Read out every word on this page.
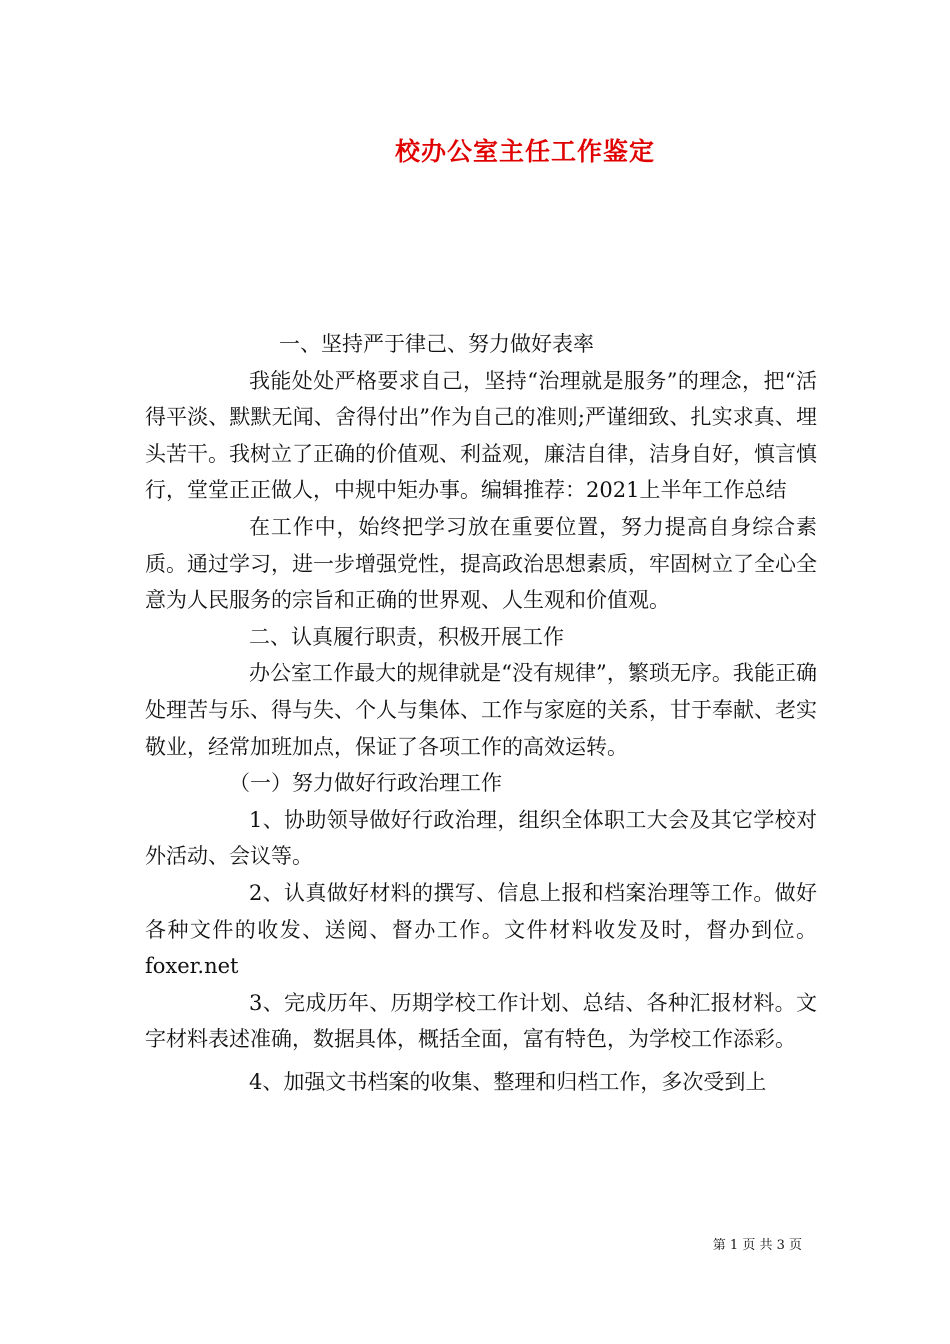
校办公室主任工作鉴定

一、坚持严于律己、努力做好表率

我能处处严格要求自己，坚持“治理就是服务”的理念，把“活得平淡、默默无闻、舍得付出”作为自己的准则;严谨细致、扎实求真、埋头苦干。我树立了正确的价值观、利益观，廉洁自律，洁身自好，慎言慎行，堂堂正正做人，中规中矩办事。编辑推荐：2021上半年工作总结

在工作中，始终把学习放在重要位置，努力提高自身综合素质。通过学习，进一步增强党性，提高政治思想素质，牢固树立了全心全意为人民服务的宗旨和正确的世界观、人生观和价值观。

二、认真履行职责，积极开展工作

办公室工作最大的规律就是“没有规律”，繁琐无序。我能正确处理苦与乐、得与失、个人与集体、工作与家庭的关系，甘于奉献、老实敬业，经常加班加点，保证了各项工作的高效运转。

（一）努力做好行政治理工作

1、协助领导做好行政治理，组织全体职工大会及其它学校对外活动、会议等。

2、认真做好材料的撰写、信息上报和档案治理等工作。做好各种文件的收发、送阅、督办工作。文件材料收发及时，督办到位。foxer.net

3、完成历年、历期学校工作计划、总结、各种汇报材料。文字材料表述准确，数据具体，概括全面，富有特色，为学校工作添彩。

4、加强文书档案的收集、整理和归档工作，多次受到上

第 1 页 共 3 页
